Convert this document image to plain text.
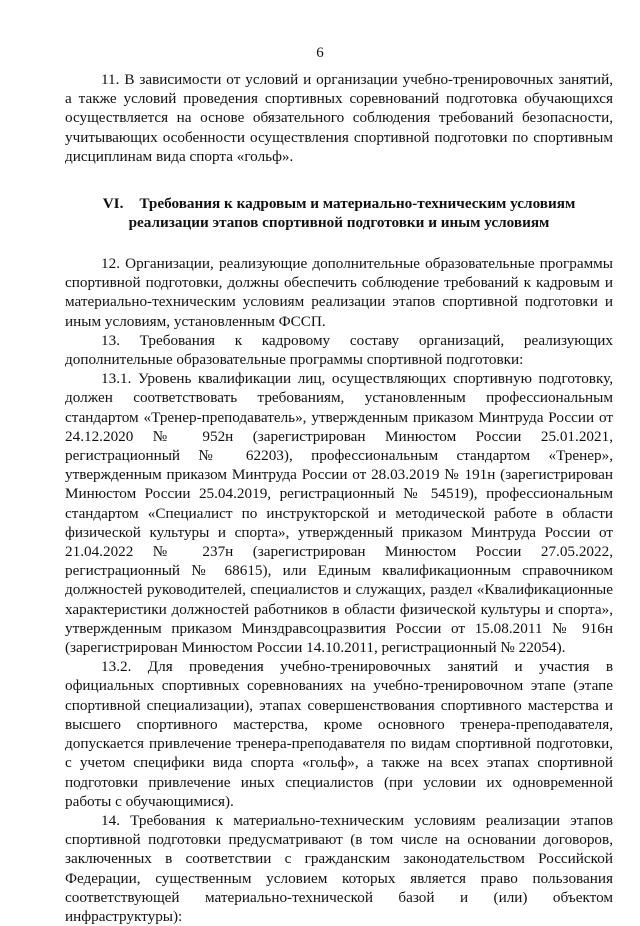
6

11. В зависимости от условий и организации учебно-тренировочных занятий, а также условий проведения спортивных соревнований подготовка обучающихся осуществляется на основе обязательного соблюдения требований безопасности, учитывающих особенности осуществления спортивной подготовки по спортивным дисциплинам вида спорта «гольф».

VI. Требования к кадровым и материально-техническим условиям реализации этапов спортивной подготовки и иным условиям

12. Организации, реализующие дополнительные образовательные программы спортивной подготовки, должны обеспечить соблюдение требований к кадровым и материально-техническим условиям реализации этапов спортивной подготовки и иным условиям, установленным ФССП.

13. Требования к кадровому составу организаций, реализующих дополнительные образовательные программы спортивной подготовки:

13.1. Уровень квалификации лиц, осуществляющих спортивную подготовку, должен соответствовать требованиям, установленным профессиональным стандартом «Тренер-преподаватель», утвержденным приказом Минтруда России от 24.12.2020 № 952н (зарегистрирован Минюстом России 25.01.2021, регистрационный № 62203), профессиональным стандартом «Тренер», утвержденным приказом Минтруда России от 28.03.2019 № 191н (зарегистрирован Минюстом России 25.04.2019, регистрационный № 54519), профессиональным стандартом «Специалист по инструкторской и методической работе в области физической культуры и спорта», утвержденный приказом Минтруда России от 21.04.2022 № 237н (зарегистрирован Минюстом России 27.05.2022, регистрационный № 68615), или Единым квалификационным справочником должностей руководителей, специалистов и служащих, раздел «Квалификационные характеристики должностей работников в области физической культуры и спорта», утвержденным приказом Минздравсоцразвития России от 15.08.2011 № 916н (зарегистрирован Минюстом России 14.10.2011, регистрационный № 22054).

13.2. Для проведения учебно-тренировочных занятий и участия в официальных спортивных соревнованиях на учебно-тренировочном этапе (этапе спортивной специализации), этапах совершенствования спортивного мастерства и высшего спортивного мастерства, кроме основного тренера-преподавателя, допускается привлечение тренера-преподавателя по видам спортивной подготовки, с учетом специфики вида спорта «гольф», а также на всех этапах спортивной подготовки привлечение иных специалистов (при условии их одновременной работы с обучающимися).

14. Требования к материально-техническим условиям реализации этапов спортивной подготовки предусматривают (в том числе на основании договоров, заключенных в соответствии с гражданским законодательством Российской Федерации, существенным условием которых является право пользования соответствующей материально-технической базой и (или) объектом инфраструктуры):
